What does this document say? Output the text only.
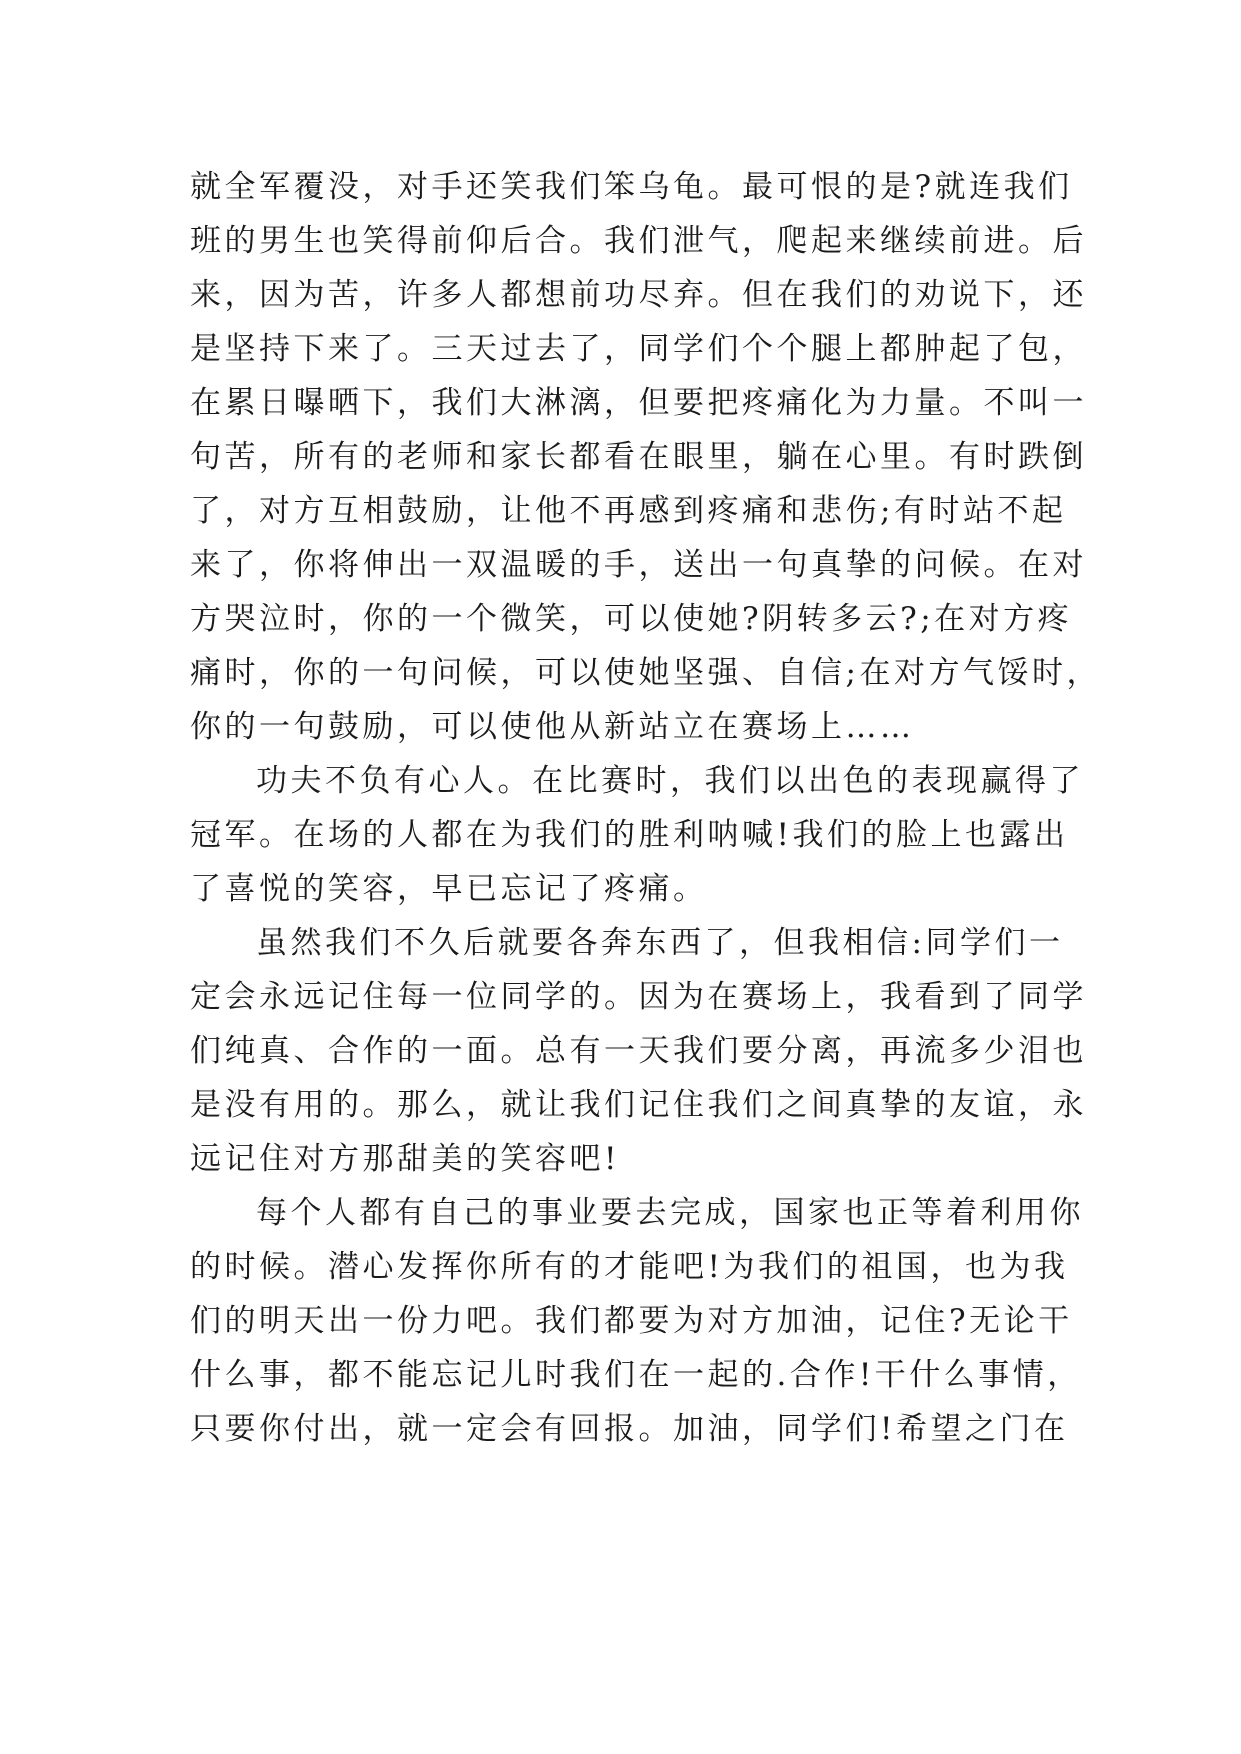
就全军覆没，对手还笑我们笨乌龟。最可恨的是?就连我们
班的男生也笑得前仰后合。我们泄气，爬起来继续前进。后
来，因为苦，许多人都想前功尽弃。但在我们的劝说下，还
是坚持下来了。三天过去了，同学们个个腿上都肿起了包，
在累日曝晒下，我们大淋漓，但要把疼痛化为力量。不叫一
句苦，所有的老师和家长都看在眼里，躺在心里。有时跌倒
了，对方互相鼓励，让他不再感到疼痛和悲伤;有时站不起
来了，你将伸出一双温暖的手，送出一句真挚的问候。在对
方哭泣时，你的一个微笑，可以使她?阴转多云?;在对方疼
痛时，你的一句问候，可以使她坚强、自信;在对方气馁时，
你的一句鼓励，可以使他从新站立在赛场上……
功夫不负有心人。在比赛时，我们以出色的表现赢得了
冠军。在场的人都在为我们的胜利呐喊!我们的脸上也露出
了喜悦的笑容，早已忘记了疼痛。
虽然我们不久后就要各奔东西了，但我相信:同学们一
定会永远记住每一位同学的。因为在赛场上，我看到了同学
们纯真、合作的一面。总有一天我们要分离，再流多少泪也
是没有用的。那么，就让我们记住我们之间真挚的友谊，永
远记住对方那甜美的笑容吧!
每个人都有自己的事业要去完成，国家也正等着利用你
的时候。潜心发挥你所有的才能吧!为我们的祖国，也为我
们的明天出一份力吧。我们都要为对方加油，记住?无论干
什么事，都不能忘记儿时我们在一起的.合作!干什么事情，
只要你付出，就一定会有回报。加油，同学们!希望之门在
